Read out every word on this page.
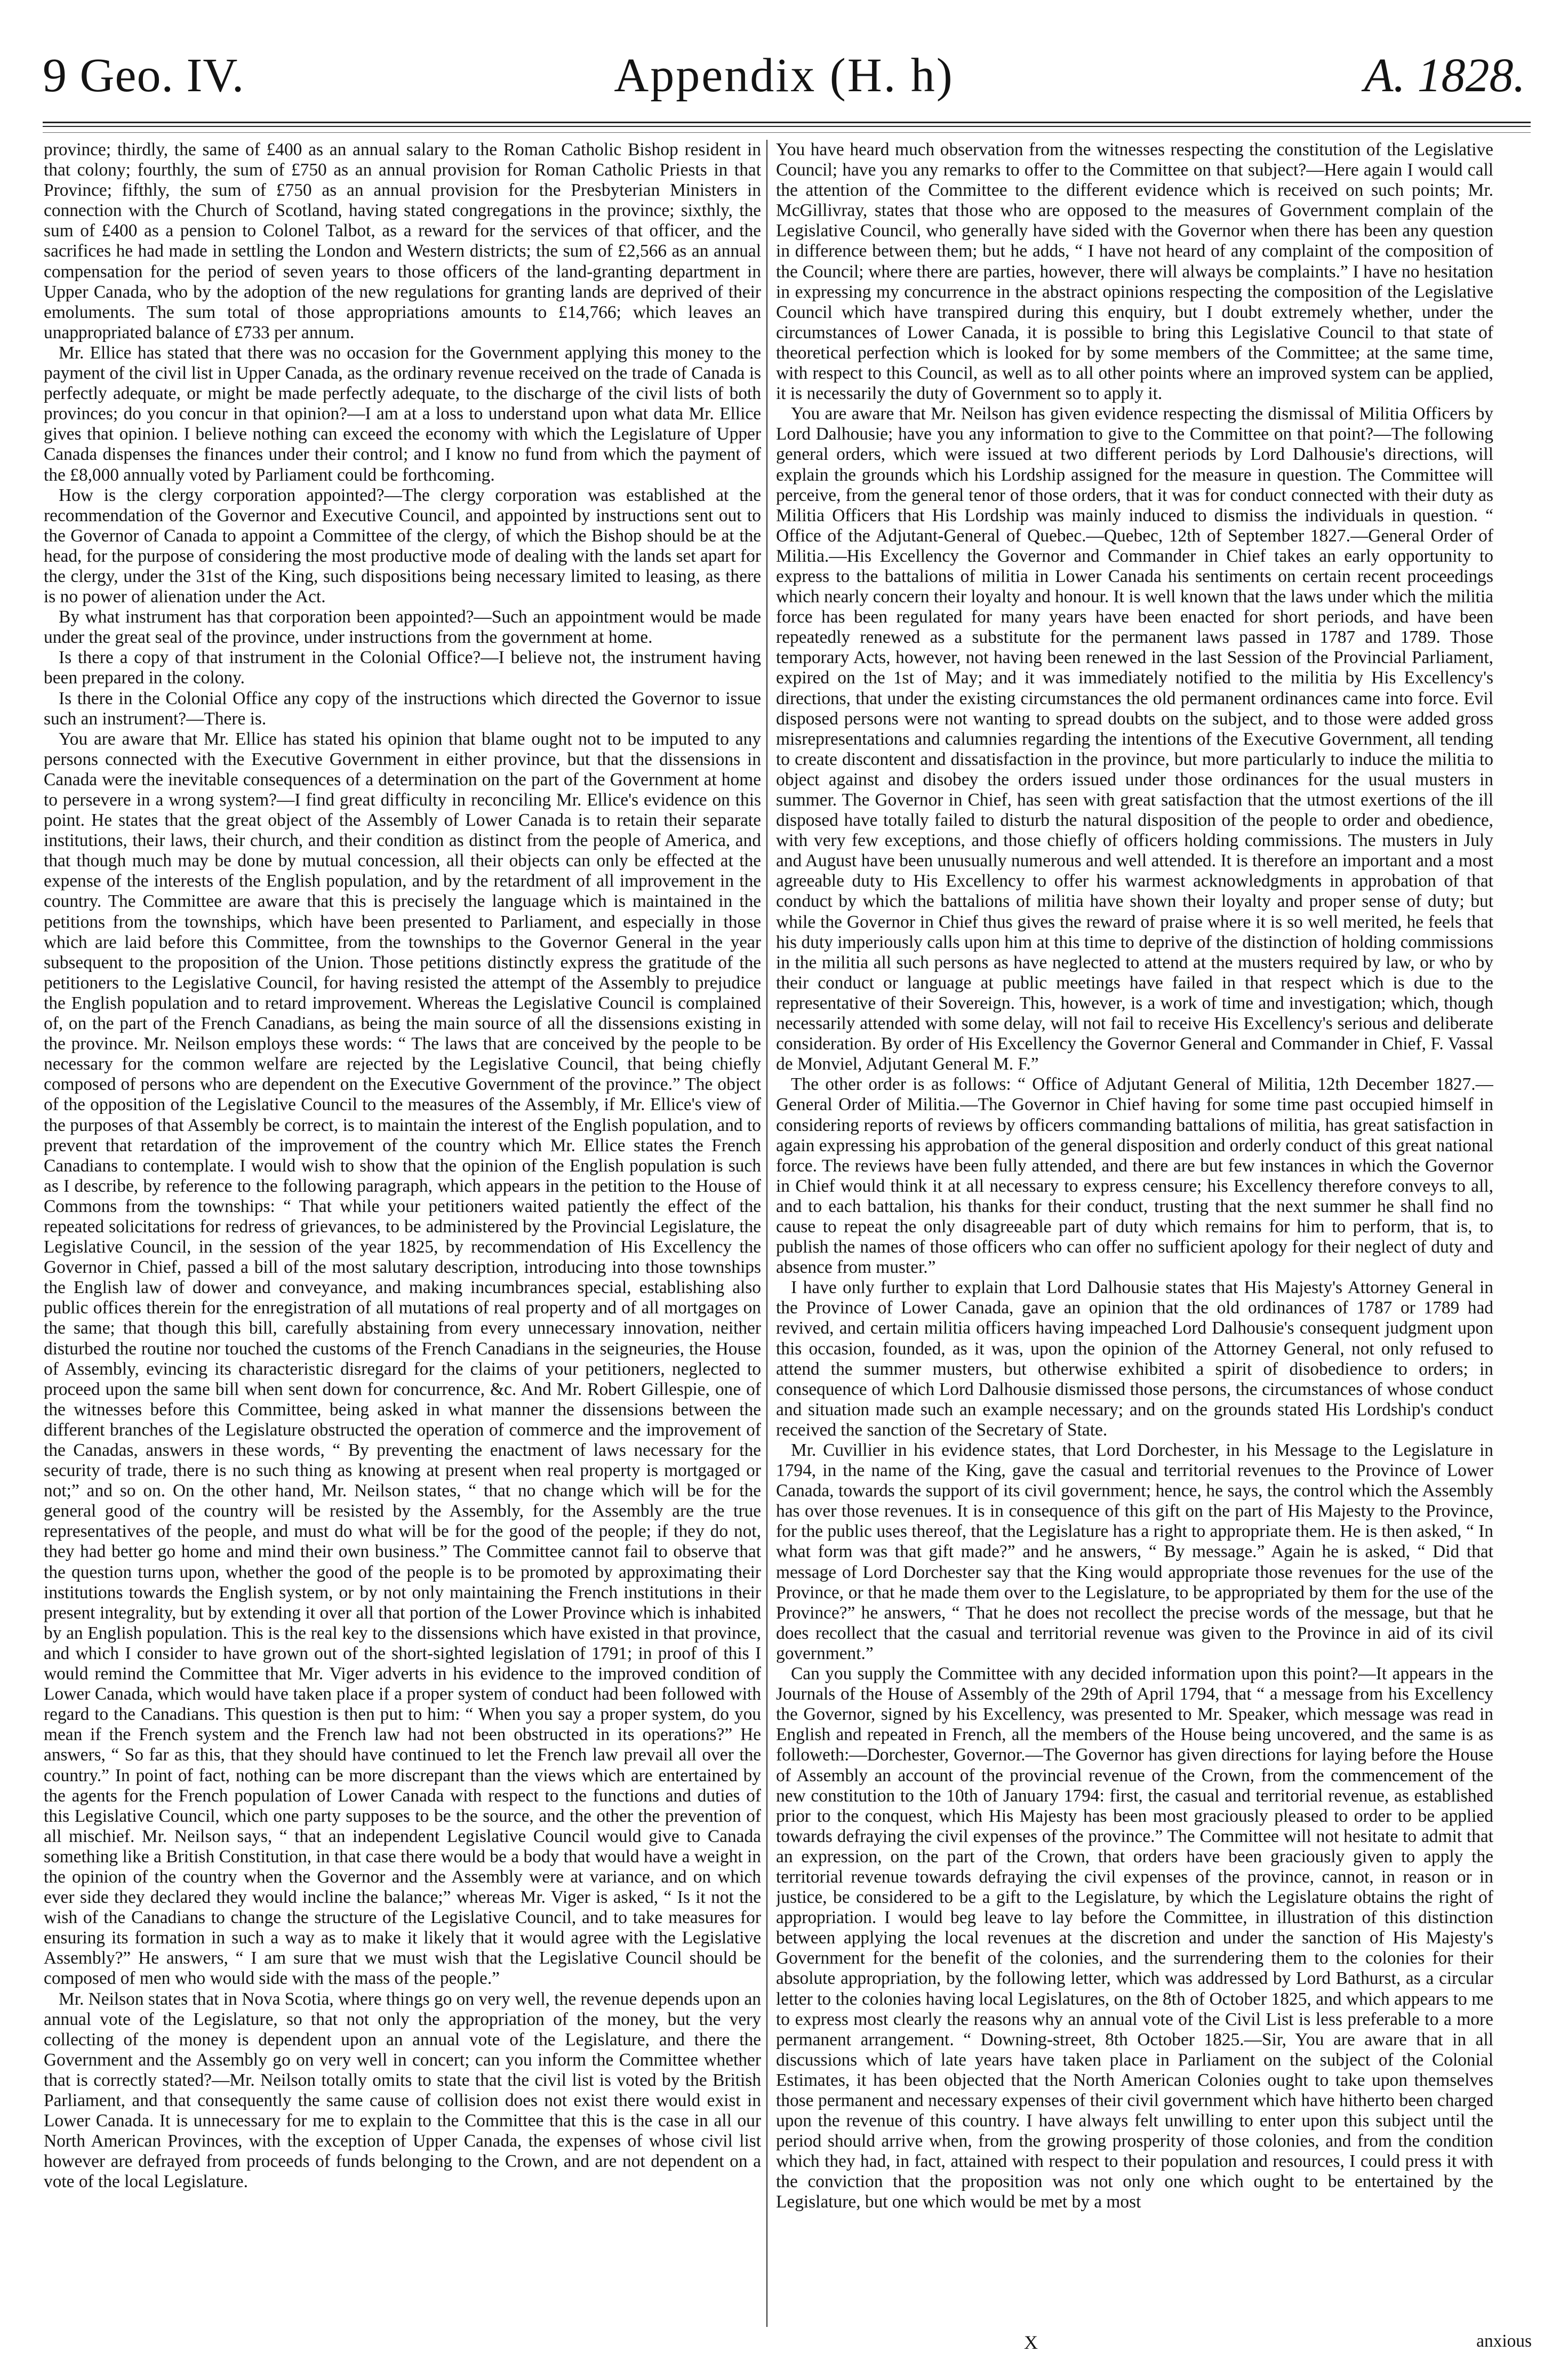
9 Geo. IV.	Appendix (H. h)	A. 1828.

province; thirdly, the same of £400 as an annual salary to the Roman Catholic Bishop resident in that colony; fourthly, the sum of £750 as an annual provision for Roman Catholic Priests in that Province; fifthly, the sum of £750 as an annual provision for the Presbyterian Ministers in connection with the Church of Scotland, having stated congregations in the province; sixthly, the sum of £400 as a pension to Colonel Talbot, as a reward for the services of that officer, and the sacrifices he had made in settling the London and Western districts; the sum of £2,566 as an annual compensation for the period of seven years to those officers of the land-granting department in Upper Canada, who by the adoption of the new regulations for granting lands are deprived of their emoluments. The sum total of those appropriations amounts to £14,766; which leaves an unappropriated balance of £733 per annum.

Mr. Ellice has stated that there was no occasion for the Government applying this money to the payment of the civil list in Upper Canada, as the ordinary revenue received on the trade of Canada is perfectly adequate, or might be made perfectly adequate, to the discharge of the civil lists of both provinces; do you concur in that opinion?—I am at a loss to understand upon what data Mr. Ellice gives that opinion. I believe nothing can exceed the economy with which the Legislature of Upper Canada dispenses the finances under their control; and I know no fund from which the payment of the £8,000 annually voted by Parliament could be forthcoming.

How is the clergy corporation appointed?—The clergy corporation was established at the recommendation of the Governor and Executive Council, and appointed by instructions sent out to the Governor of Canada to appoint a Committee of the clergy, of which the Bishop should be at the head, for the purpose of considering the most productive mode of dealing with the lands set apart for the clergy, under the 31st of the King, such dispositions being necessary limited to leasing, as there is no power of alienation under the Act.

By what instrument has that corporation been appointed?—Such an appointment would be made under the great seal of the province, under instructions from the government at home.

Is there a copy of that instrument in the Colonial Office?—I believe not, the instrument having been prepared in the colony.

Is there in the Colonial Office any copy of the instructions which directed the Governor to issue such an instrument?—There is.

You are aware that Mr. Ellice has stated his opinion that blame ought not to be imputed to any persons connected with the Executive Government in either province, but that the dissensions in Canada were the inevitable consequences of a determination on the part of the Government at home to persevere in a wrong system?—I find great difficulty in reconciling Mr. Ellice's evidence on this point. He states that the great object of the Assembly of Lower Canada is to retain their separate institutions, their laws, their church, and their condition as distinct from the people of America, and that though much may be done by mutual concession, all their objects can only be effected at the expense of the interests of the English population, and by the retardment of all improvement in the country. The Committee are aware that this is precisely the language which is maintained in the petitions from the townships, which have been presented to Parliament, and especially in those which are laid before this Committee, from the townships to the Governor General in the year subsequent to the proposition of the Union. Those petitions distinctly express the gratitude of the petitioners to the Legislative Council, for having resisted the attempt of the Assembly to prejudice the English population and to retard improvement. Whereas the Legislative Council is complained of, on the part of the French Canadians, as being the main source of all the dissensions existing in the province. Mr. Neilson employs these words: “ The laws that are conceived by the people to be necessary for the common welfare are rejected by the Legislative Council, that being chiefly composed of persons who are dependent on the Executive Government of the province.” The object of the opposition of the Legislative Council to the measures of the Assembly, if Mr. Ellice's view of the purposes of that Assembly be correct, is to maintain the interest of the English population, and to prevent that retardation of the improvement of the country which Mr. Ellice states the French Canadians to contemplate. I would wish to show that the opinion of the English population is such as I describe, by reference to the following paragraph, which appears in the petition to the House of Commons from the townships: “ That while your petitioners waited patiently the effect of the repeated solicitations for redress of grievances, to be administered by the Provincial Legislature, the Legislative Council, in the session of the year 1825, by recommendation of His Excellency the Governor in Chief, passed a bill of the most salutary description, introducing into those townships the English law of dower and conveyance, and making incumbrances special, establishing also public offices therein for the enregistration of all mutations of real property and of all mortgages on the same; that though this bill, carefully abstaining from every unnecessary innovation, neither disturbed the routine nor touched the customs of the French Canadians in the seigneuries, the House of Assembly, evincing its characteristic disregard for the claims of your petitioners, neglected to proceed upon the same bill when sent down for concurrence, &c. And Mr. Robert Gillespie, one of the witnesses before this Committee, being asked in what manner the dissensions between the different branches of the Legislature obstructed the operation of commerce and the improvement of the Canadas, answers in these words, “ By preventing the enactment of laws necessary for the security of trade, there is no such thing as knowing at present when real property is mortgaged or not;” and so on. On the other hand, Mr. Neilson states, “ that no change which will be for the general good of the country will be resisted by the Assembly, for the Assembly are the true representatives of the people, and must do what will be for the good of the people; if they do not, they had better go home and mind their own business.” The Committee cannot fail to observe that the question turns upon, whether the good of the people is to be promoted by approximating their institutions towards the English system, or by not only maintaining the French institutions in their present integrality, but by extending it over all that portion of the Lower Province which is inhabited by an English population. This is the real key to the dissensions which have existed in that province, and which I consider to have grown out of the short-sighted legislation of 1791; in proof of this I would remind the Committee that Mr. Viger adverts in his evidence to the improved condition of Lower Canada, which would have taken place if a proper system of conduct had been followed with regard to the Canadians. This question is then put to him: “ When you say a proper system, do you mean if the French system and the French law had not been obstructed in its operations?” He answers, “ So far as this, that they should have continued to let the French law prevail all over the country.” In point of fact, nothing can be more discrepant than the views which are entertained by the agents for the French population of Lower Canada with respect to the functions and duties of this Legislative Council, which one party supposes to be the source, and the other the prevention of all mischief. Mr. Neilson says, “ that an independent Legislative Council would give to Canada something like a British Constitution, in that case there would be a body that would have a weight in the opinion of the country when the Governor and the Assembly were at variance, and on which ever side they declared they would incline the balance;” whereas Mr. Viger is asked, “ Is it not the wish of the Canadians to change the structure of the Legislative Council, and to take measures for ensuring its formation in such a way as to make it likely that it would agree with the Legislative Assembly?” He answers, “ I am sure that we must wish that the Legislative Council should be composed of men who would side with the mass of the people.”

Mr. Neilson states that in Nova Scotia, where things go on very well, the revenue depends upon an annual vote of the Legislature, so that not only the appropriation of the money, but the very collecting of the money is dependent upon an annual vote of the Legislature, and there the Government and the Assembly go on very well in concert; can you inform the Committee whether that is correctly stated?—Mr. Neilson totally omits to state that the civil list is voted by the British Parliament, and that consequently the same cause of collision does not exist there would exist in Lower Canada. It is unnecessary for me to explain to the Committee that this is the case in all our North American Provinces, with the exception of Upper Canada, the expenses of whose civil list however are defrayed from proceeds of funds belonging to the Crown, and are not dependent on a vote of the local Legislature.

You have heard much observation from the witnesses respecting the constitution of the Legislative Council; have you any remarks to offer to the Committee on that subject?—Here again I would call the attention of the Committee to the different evidence which is received on such points; Mr. McGillivray, states that those who are opposed to the measures of Government complain of the Legislative Council, who generally have sided with the Governor when there has been any question in difference between them; but he adds, “ I have not heard of any complaint of the composition of the Council; where there are parties, however, there will always be complaints.” I have no hesitation in expressing my concurrence in the abstract opinions respecting the composition of the Legislative Council which have transpired during this enquiry, but I doubt extremely whether, under the circumstances of Lower Canada, it is possible to bring this Legislative Council to that state of theoretical perfection which is looked for by some members of the Committee; at the same time, with respect to this Council, as well as to all other points where an improved system can be applied, it is necessarily the duty of Government so to apply it.

You are aware that Mr. Neilson has given evidence respecting the dismissal of Militia Officers by Lord Dalhousie; have you any information to give to the Committee on that point?—The following general orders, which were issued at two different periods by Lord Dalhousie's directions, will explain the grounds which his Lordship assigned for the measure in question. The Committee will perceive, from the general tenor of those orders, that it was for conduct connected with their duty as Militia Officers that His Lordship was mainly induced to dismiss the individuals in question. “ Office of the Adjutant-General of Quebec.—Quebec, 12th of September 1827.—General Order of Militia.—His Excellency the Governor and Commander in Chief takes an early opportunity to express to the battalions of militia in Lower Canada his sentiments on certain recent proceedings which nearly concern their loyalty and honour. It is well known that the laws under which the militia force has been regulated for many years have been enacted for short periods, and have been repeatedly renewed as a substitute for the permanent laws passed in 1787 and 1789. Those temporary Acts, however, not having been renewed in the last Session of the Provincial Parliament, expired on the 1st of May; and it was immediately notified to the militia by His Excellency's directions, that under the existing circumstances the old permanent ordinances came into force. Evil disposed persons were not wanting to spread doubts on the subject, and to those were added gross misrepresentations and calumnies regarding the intentions of the Executive Government, all tending to create discontent and dissatisfaction in the province, but more particularly to induce the militia to object against and disobey the orders issued under those ordinances for the usual musters in summer. The Governor in Chief, has seen with great satisfaction that the utmost exertions of the ill disposed have totally failed to disturb the natural disposition of the people to order and obedience, with very few exceptions, and those chiefly of officers holding commissions. The musters in July and August have been unusually numerous and well attended. It is therefore an important and a most agreeable duty to His Excellency to offer his warmest acknowledgments in approbation of that conduct by which the battalions of militia have shown their loyalty and proper sense of duty; but while the Governor in Chief thus gives the reward of praise where it is so well merited, he feels that his duty imperiously calls upon him at this time to deprive of the distinction of holding commissions in the militia all such persons as have neglected to attend at the musters required by law, or who by their conduct or language at public meetings have failed in that respect which is due to the representative of their Sovereign. This, however, is a work of time and investigation; which, though necessarily attended with some delay, will not fail to receive His Excellency's serious and deliberate consideration. By order of His Excellency the Governor General and Commander in Chief, F. Vassal de Monviel, Adjutant General M. F.”

The other order is as follows: “ Office of Adjutant General of Militia, 12th December 1827.—General Order of Militia.—The Governor in Chief having for some time past occupied himself in considering reports of reviews by officers commanding battalions of militia, has great satisfaction in again expressing his approbation of the general disposition and orderly conduct of this great national force. The reviews have been fully attended, and there are but few instances in which the Governor in Chief would think it at all necessary to express censure; his Excellency therefore conveys to all, and to each battalion, his thanks for their conduct, trusting that the next summer he shall find no cause to repeat the only disagreeable part of duty which remains for him to perform, that is, to publish the names of those officers who can offer no sufficient apology for their neglect of duty and absence from muster.”

I have only further to explain that Lord Dalhousie states that His Majesty's Attorney General in the Province of Lower Canada, gave an opinion that the old ordinances of 1787 or 1789 had revived, and certain militia officers having impeached Lord Dalhousie's consequent judgment upon this occasion, founded, as it was, upon the opinion of the Attorney General, not only refused to attend the summer musters, but otherwise exhibited a spirit of disobedience to orders; in consequence of which Lord Dalhousie dismissed those persons, the circumstances of whose conduct and situation made such an example necessary; and on the grounds stated His Lordship's conduct received the sanction of the Secretary of State.

Mr. Cuvillier in his evidence states, that Lord Dorchester, in his Message to the Legislature in 1794, in the name of the King, gave the casual and territorial revenues to the Province of Lower Canada, towards the support of its civil government; hence, he says, the control which the Assembly has over those revenues. It is in consequence of this gift on the part of His Majesty to the Province, for the public uses thereof, that the Legislature has a right to appropriate them. He is then asked, “ In what form was that gift made?” and he answers, “ By message.” Again he is asked, “ Did that message of Lord Dorchester say that the King would appropriate those revenues for the use of the Province, or that he made them over to the Legislature, to be appropriated by them for the use of the Province?” he answers, “ That he does not recollect the precise words of the message, but that he does recollect that the casual and territorial revenue was given to the Province in aid of its civil government.”

Can you supply the Committee with any decided information upon this point?—It appears in the Journals of the House of Assembly of the 29th of April 1794, that “ a message from his Excellency the Governor, signed by his Excellency, was presented to Mr. Speaker, which message was read in English and repeated in French, all the members of the House being uncovered, and the same is as followeth:—Dorchester, Governor.—The Governor has given directions for laying before the House of Assembly an account of the provincial revenue of the Crown, from the commencement of the new constitution to the 10th of January 1794: first, the casual and territorial revenue, as established prior to the conquest, which His Majesty has been most graciously pleased to order to be applied towards defraying the civil expenses of the province.” The Committee will not hesitate to admit that an expression, on the part of the Crown, that orders have been graciously given to apply the territorial revenue towards defraying the civil expenses of the province, cannot, in reason or in justice, be considered to be a gift to the Legislature, by which the Legislature obtains the right of appropriation. I would beg leave to lay before the Committee, in illustration of this distinction between applying the local revenues at the discretion and under the sanction of His Majesty's Government for the benefit of the colonies, and the surrendering them to the colonies for their absolute appropriation, by the following letter, which was addressed by Lord Bathurst, as a circular letter to the colonies having local Legislatures, on the 8th of October 1825, and which appears to me to express most clearly the reasons why an annual vote of the Civil List is less preferable to a more permanent arrangement. “ Downing-street, 8th October 1825.—Sir, You are aware that in all discussions which of late years have taken place in Parliament on the subject of the Colonial Estimates, it has been objected that the North American Colonies ought to take upon themselves those permanent and necessary expenses of their civil government which have hitherto been charged upon the revenue of this country. I have always felt unwilling to enter upon this subject until the period should arrive when, from the growing prosperity of those colonies, and from the condition which they had, in fact, attained with respect to their population and resources, I could press it with the conviction that the proposition was not only one which ought to be entertained by the Legislature, but one which would be met by a most

X	anxious
